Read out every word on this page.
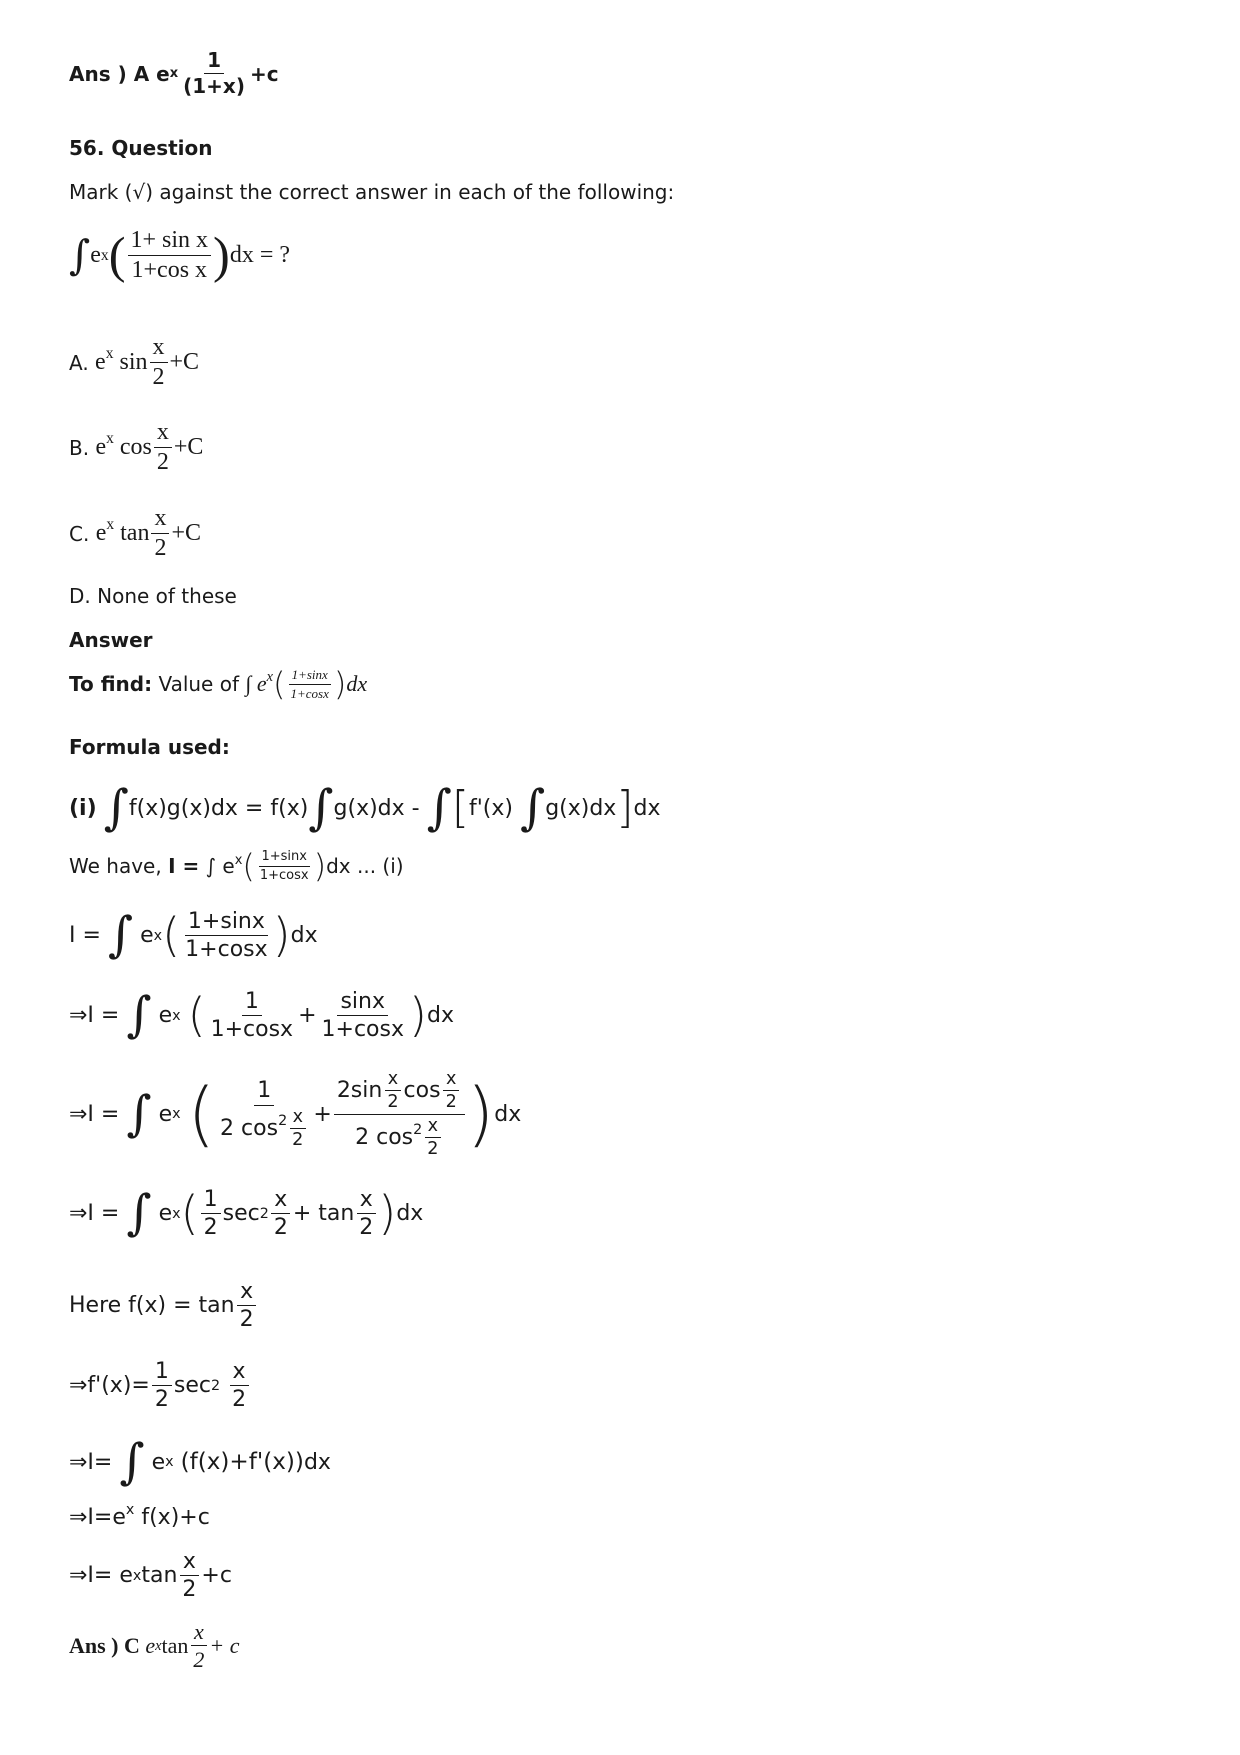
Ans ) A
e x $\frac{1}{(1+x)} +c$
56. Question
Mark (√) against the correct answer in each of the following:
∫ e x ( $\frac{\text{1+ sin x}}{\text{1+cos x}}$ ) dx = ?
A.
$e^x$ $\sin \frac{x}{2} +C$
B.
$e^x$ $\cos \frac{x}{2} +C$
C.
$e^x$ $\tan \frac{x}{2} +C$
D. None of these
Answer
To find:
Value of
∫ $e^x$ ( $\frac{1+\sin x}{1+\cos x}$ ) dx
Formula used:
(i)
∫ f(x)g(x)dx = f(x) ∫ g(x)dx -
∫ [ f'(x)
∫ g(x)dx ] dx
We have,
I =
∫ $e^x$ ( $\frac{1+\sin x}{1+\cos x}$ ) dx
... (i)
I =
∫ e x ( $\frac{1+\sin x}{1+\cos x}$ ) dx
⇒I =
∫ e x
( $\frac{1}{1+\cos x} + \frac{\sin x}{1+\cos x}$ ) dx
⇒I =
∫ e x
( $\frac{1}{2 \cos^2 \frac{x}{2}} + \frac{2\sin \frac{x}{2} \cos \frac{x}{2}}{2 \cos^2 \frac{x}{2}}$ ) dx
⇒I =
∫ e x ( $\frac{1}{2}$ $\sec 2 \frac{x}{2} + \tan \frac{x}{2}$ ) dx
Here $f(x) = \tan \frac{x}{2}$
⇒f'(x)= $\frac{1}{2}$ sec 2
$\frac{x}{2}$
⇒I=
∫ e x
(f(x)+f'(x)) dx
$\Rightarrow I=e^x$ f(x)+c
⇒I= e x $\tan \frac{x}{2} +c$
Ans ) C
e x $\tan \frac{x}{2} + c$
